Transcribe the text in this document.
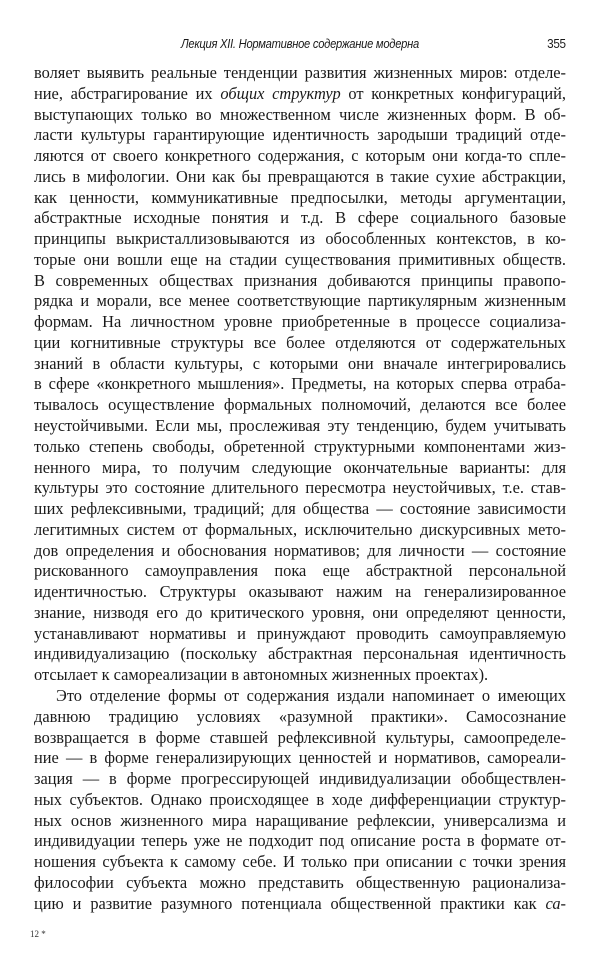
Лекция XII. Нормативное содержание модерна	355
воляет выявить реальные тенденции развития жизненных миров: отделе-
ние, абстрагирование их общих структур от конкретных конфигураций,
выступающих только во множественном числе жизненных форм. В об-
ласти культуры гарантирующие идентичность зародыши традиций отде-
ляются от своего конкретного содержания, с которым они когда-то спле-
лись в мифологии. Они как бы превращаются в такие сухие абстракции,
как ценности, коммуникативные предпосылки, методы аргументации,
абстрактные исходные понятия и т.д. В сфере социального базовые
принципы выкристаллизовываются из обособленных контекстов, в ко-
торые они вошли еще на стадии существования примитивных обществ.
В современных обществах признания добиваются принципы правопо-
рядка и морали, все менее соответствующие партикулярным жизненным
формам. На личностном уровне приобретенные в процессе социализа-
ции когнитивные структуры все более отделяются от содержательных
знаний в области культуры, с которыми они вначале интегрировались
в сфере «конкретного мышления». Предметы, на которых сперва отраба-
тывалось осуществление формальных полномочий, делаются все более
неустойчивыми. Если мы, прослеживая эту тенденцию, будем учитывать
только степень свободы, обретенной структурными компонентами жиз-
ненного мира, то получим следующие окончательные варианты: для
культуры это состояние длительного пересмотра неустойчивых, т.е. став-
ших рефлексивными, традиций; для общества — состояние зависимости
легитимных систем от формальных, исключительно дискурсивных мето-
дов определения и обоснования нормативов; для личности — состояние
рискованного самоуправления пока еще абстрактной персональной
идентичностью. Структуры оказывают нажим на генерализированное
знание, низводя его до критического уровня, они определяют ценности,
устанавливают нормативы и принуждают проводить самоуправляемую
индивидуализацию (поскольку абстрактная персональная идентичность
отсылает к самореализации в автономных жизненных проектах).
Это отделение формы от содержания издали напоминает о имеющих
давнюю традицию условиях «разумной практики». Самосознание
возвращается в форме ставшей рефлексивной культуры, самоопределе-
ние — в форме генерализирующих ценностей и нормативов, самореали-
зация — в форме прогрессирующей индивидуализации обобществлен-
ных субъектов. Однако происходящее в ходе дифференциации структур-
ных основ жизненного мира наращивание рефлексии, универсализма и
индивидуации теперь уже не подходит под описание роста в формате от-
ношения субъекта к самому себе. И только при описании с точки зрения
философии субъекта можно представить общественную рационализа-
цию и развитие разумного потенциала общественной практики как са-
12 *
